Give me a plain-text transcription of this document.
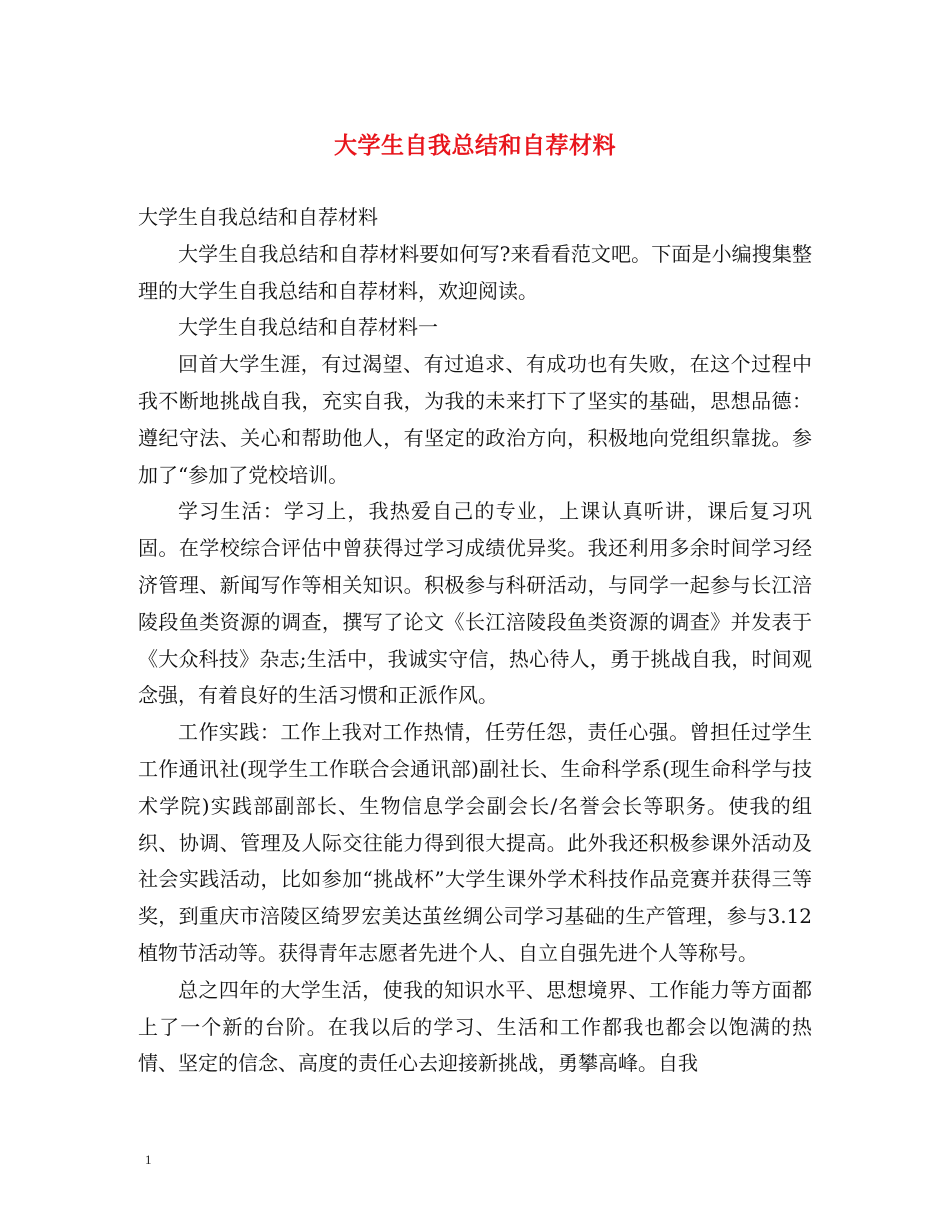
大学生自我总结和自荐材料

大学生自我总结和自荐材料

大学生自我总结和自荐材料要如何写?来看看范文吧。下面是小编搜集整理的大学生自我总结和自荐材料，欢迎阅读。

大学生自我总结和自荐材料一

回首大学生涯，有过渴望、有过追求、有成功也有失败，在这个过程中我不断地挑战自我，充实自我，为我的未来打下了坚实的基础，思想品德：遵纪守法、关心和帮助他人，有坚定的政治方向，积极地向党组织靠拢。参加了“参加了党校培训。

学习生活：学习上，我热爱自己的专业，上课认真听讲，课后复习巩固。在学校综合评估中曾获得过学习成绩优异奖。我还利用多余时间学习经济管理、新闻写作等相关知识。积极参与科研活动，与同学一起参与长江涪陵段鱼类资源的调查，撰写了论文《长江涪陵段鱼类资源的调查》并发表于《大众科技》杂志;生活中，我诚实守信，热心待人，勇于挑战自我，时间观念强，有着良好的生活习惯和正派作风。

工作实践：工作上我对工作热情，任劳任怨，责任心强。曾担任过学生工作通讯社(现学生工作联合会通讯部)副社长、生命科学系(现生命科学与技术学院)实践部副部长、生物信息学会副会长/名誉会长等职务。使我的组织、协调、管理及人际交往能力得到很大提高。此外我还积极参课外活动及社会实践活动，比如参加“挑战杯”大学生课外学术科技作品竞赛并获得三等奖，到重庆市涪陵区绮罗宏美达茧丝绸公司学习基础的生产管理，参与3.12植物节活动等。获得青年志愿者先进个人、自立自强先进个人等称号。

总之四年的大学生活，使我的知识水平、思想境界、工作能力等方面都上了一个新的台阶。在我以后的学习、生活和工作都我也都会以饱满的热情、坚定的信念、高度的责任心去迎接新挑战，勇攀高峰。自我

1
